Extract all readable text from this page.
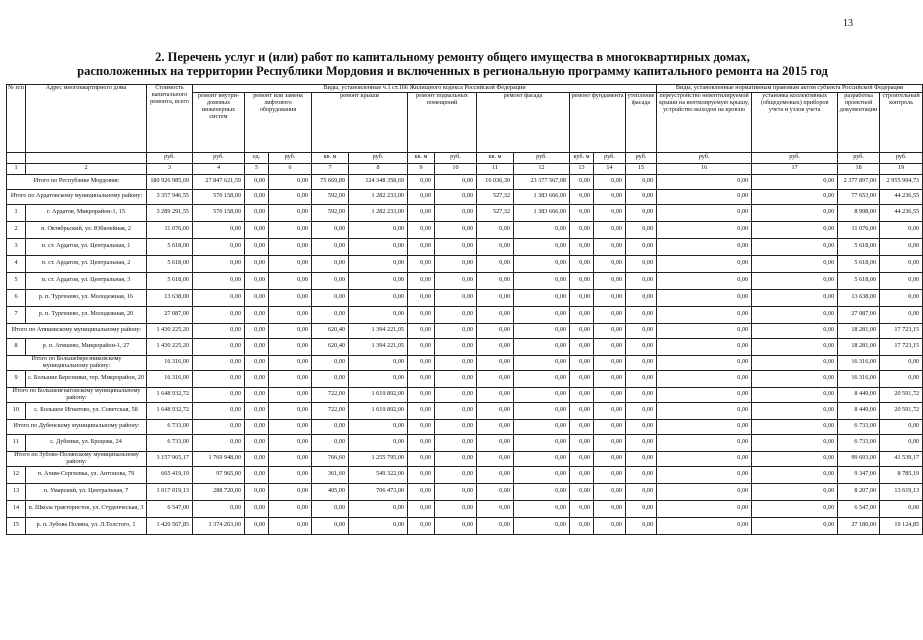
13
2. Перечень услуг и (или) работ по капитальному ремонту общего имущества в многоквартирных домах,
расположенных на территории Республики Мордовия и включенных в региональную программу капитального ремонта на 2015 год
№ п/п	Адрес многоквартирного дома	Стоимость капитального ремонта, всего	Виды, установленные ч.1 ст.166 Жилищного кодекса Российской Федерации												Виды, установленные нормативным правовым актом субъекта Российской Федерации			
			ремонт внутри-домовых инженерных систем	ремонт или замена лифтового оборудования		ремонт крыши		ремонт подвальных помещений		ремонт фасада		ремонт фундамента		утепление фасада	переустройство невентилируемой крыши на вентилируемую крышу, устройство выходов на кровлю	установка коллективных (общедомовых) приборов учета и узлов учета	разработка проектной документации	строительный контроль
		руб.	руб.	ед.	руб.	кв. м	руб.	кв. м	руб.	кв. м	руб.	куб. м	руб.	руб.	руб.	руб.	руб.	руб.
1	2	3	4	5	6	7	8	9	10	11	12	13	14	15	16	17	18	19
Итого по Республике Мордовия:		180 926 985,69	27 847 621,59	0,00	0,00	75 669,89	124 348 358,69	0,00	0,00	16 036,30	23 377 567,08	0,00	0,00	0,00	0,00	0,00	2 377 897,00	2 955 994,73
Итого по Ардатовскому муниципальному району:		3 357 946,55	570 158,00	0,00	0,00	592,00	1 282 233,00	0,00	0,00	527,32	1 383 666,00	0,00	0,00	0,00	0,00	0,00	77 653,00	44 236,55
1	г. Ардатов, Микрорайон-1, 15	3 289 291,55	570 158,00	0,00	0,00	592,00	1 282 233,00	0,00	0,00	527,32	1 383 666,00	0,00	0,00	0,00	0,00	0,00	8 998,00	44 236,55
2	п. Октябрьский, ул. Юбилейная, 2	11 076,00	0,00	0,00	0,00	0,00	0,00	0,00	0,00	0,00	0,00	0,00	0,00	0,00	0,00	0,00	11 076,00	0,00
3	п. ст. Ардатов, ул. Центральная, 1	5 618,00	0,00	0,00	0,00	0,00	0,00	0,00	0,00	0,00	0,00	0,00	0,00	0,00	0,00	0,00	5 618,00	0,00
4	п. ст. Ардатов, ул. Центральная, 2	5 618,00	0,00	0,00	0,00	0,00	0,00	0,00	0,00	0,00	0,00	0,00	0,00	0,00	0,00	0,00	5 618,00	0,00
5	п. ст. Ардатов, ул. Центральная, 3	5 618,00	0,00	0,00	0,00	0,00	0,00	0,00	0,00	0,00	0,00	0,00	0,00	0,00	0,00	0,00	5 618,00	0,00
6	р. п. Тургенево, ул. Молодежная, 16	13 638,00	0,00	0,00	0,00	0,00	0,00	0,00	0,00	0,00	0,00	0,00	0,00	0,00	0,00	0,00	13 638,00	0,00
7	р. п. Тургенево, ул. Молодежная, 20	27 087,00	0,00	0,00	0,00	0,00	0,00	0,00	0,00	0,00	0,00	0,00	0,00	0,00	0,00	0,00	27 087,00	0,00
Итого по Атяшевскому муниципальному району:		1 430 225,20	0,00	0,00	0,00	620,40	1 394 221,05	0,00	0,00	0,00	0,00	0,00	0,00	0,00	0,00	0,00	18 281,00	17 723,15
8	р. п. Атяшево, Микрорайон-1, 27	1 430 225,20	0,00	0,00	0,00	620,40	1 394 221,05	0,00	0,00	0,00	0,00	0,00	0,00	0,00	0,00	0,00	18 281,00	17 723,15
Итого по Большеберезниковскому муниципальному району:		16 316,00	0,00	0,00	0,00	0,00	0,00	0,00	0,00	0,00	0,00	0,00	0,00	0,00	0,00	0,00	16 316,00	0,00
9	с. Большие Березники, тер. Микрорайон, 20	16 316,00	0,00	0,00	0,00	0,00	0,00	0,00	0,00	0,00	0,00	0,00	0,00	0,00	0,00	0,00	16 316,00	0,00
Итого по Большеигнатовскому муниципальному району:		1 648 932,72	0,00	0,00	0,00	722,00	1 619 892,00	0,00	0,00	0,00	0,00	0,00	0,00	0,00	0,00	0,00	8 449,00	20 591,72
10	с. Большое Игнатово, ул. Советская, 58	1 648 932,72	0,00	0,00	0,00	722,00	1 619 892,00	0,00	0,00	0,00	0,00	0,00	0,00	0,00	0,00	0,00	8 449,00	20 591,72
Итого по Дубенскому муниципальному району:		6 733,00	0,00	0,00	0,00	0,00	0,00	0,00	0,00	0,00	0,00	0,00	0,00	0,00	0,00	0,00	6 733,00	0,00
11	с. Дубенки, ул. Броцова, 24	6 733,00	0,00	0,00	0,00	0,00	0,00	0,00	0,00	0,00	0,00	0,00	0,00	0,00	0,00	0,00	6 733,00	0,00
Итого по Зубово-Полянскому муниципальному району:		3 157 965,17	1 769 948,00	0,00	0,00	766,60	1 255 795,00	0,00	0,00	0,00	0,00	0,00	0,00	0,00	0,00	0,00	99 693,00	41 539,17
12	п. Ачим-Сергеевка, ул. Антонова, 79	665 419,19	97 965,00	0,00	0,00	361,60	549 322,00	0,00	0,00	0,00	0,00	0,00	0,00	0,00	0,00	0,00	9 347,00	8 785,19
13	п. Умарский, ул. Центральная, 7	1 017 019,13	288 720,00	0,00	0,00	405,00	706 473,00	0,00	0,00	0,00	0,00	0,00	0,00	0,00	0,00	0,00	8 207,00	13 619,13
14	п. Школа трактористов, ул. Студенческая, 3	6 547,00	0,00	0,00	0,00	0,00	0,00	0,00	0,00	0,00	0,00	0,00	0,00	0,00	0,00	0,00	6 547,00	0,00
15	р. п. Зубова Поляна, ул. Л.Толстого, 1	1 420 567,85	1 374 263,00	0,00	0,00	0,00	0,00	0,00	0,00	0,00	0,00	0,00	0,00	0,00	0,00	0,00	27 180,00	19 124,85
